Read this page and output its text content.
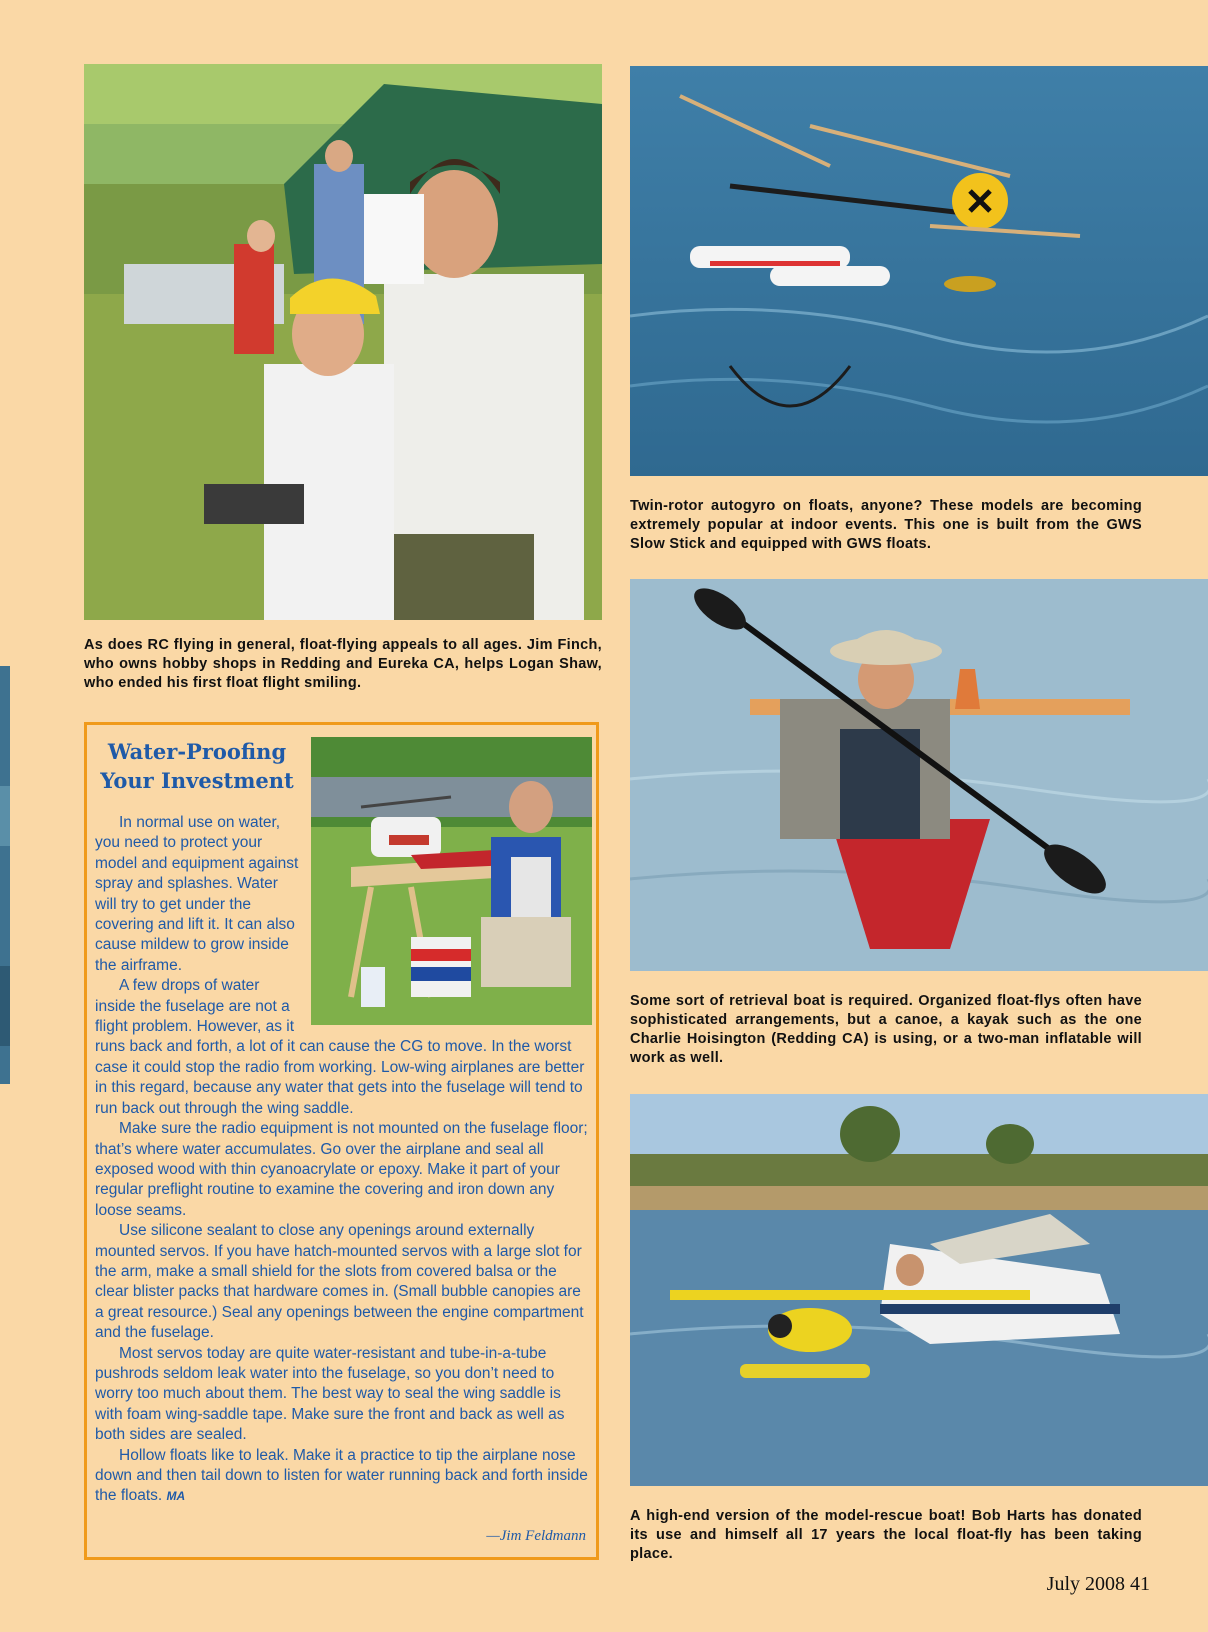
As does RC flying in general, float-flying appeals to all ages. Jim Finch, who owns hobby shops in Redding and Eureka CA, helps Logan Shaw, who ended his first float flight smiling.
Twin-rotor autogyro on floats, anyone? These models are becoming extremely popular at indoor events. This one is built from the GWS Slow Stick and equipped with GWS floats.
Some sort of retrieval boat is required. Organized float-flys often have sophisticated arrangements, but a canoe, a kayak such as the one Charlie Hoisington (Redding CA) is using, or a two-man inflatable will work as well.
A high-end version of the model-rescue boat! Bob Harts has donated its use and himself all 17 years the local float-fly has been taking place.
Water-Proofing Your Investment

In normal use on water, you need to protect your model and equipment against spray and splashes. Water will try to get under the covering and lift it. It can also cause mildew to grow inside the airframe.

A few drops of water inside the fuselage are not a flight problem. However, as it runs back and forth, a lot of it can cause the CG to move. In the worst case it could stop the radio from working. Low-wing airplanes are better in this regard, because any water that gets into the fuselage will tend to run back out through the wing saddle.

Make sure the radio equipment is not mounted on the fuselage floor; that’s where water accumulates. Go over the airplane and seal all exposed wood with thin cyanoacrylate or epoxy. Make it part of your regular preflight routine to examine the covering and iron down any loose seams.

Use silicone sealant to close any openings around externally mounted servos. If you have hatch-mounted servos with a large slot for the arm, make a small shield for the slots from covered balsa or the clear blister packs that hardware comes in. (Small bubble canopies are a great resource.) Seal any openings between the engine compartment and the fuselage.

Most servos today are quite water-resistant and tube-in-a-tube pushrods seldom leak water into the fuselage, so you don’t need to worry too much about them. The best way to seal the wing saddle is with foam wing-saddle tape. Make sure the front and back as well as both sides are sealed.

Hollow floats like to leak. Make it a practice to tip the airplane nose down and then tail down to listen for water running back and forth inside the floats. MA

—Jim Feldmann
July 2008 41
